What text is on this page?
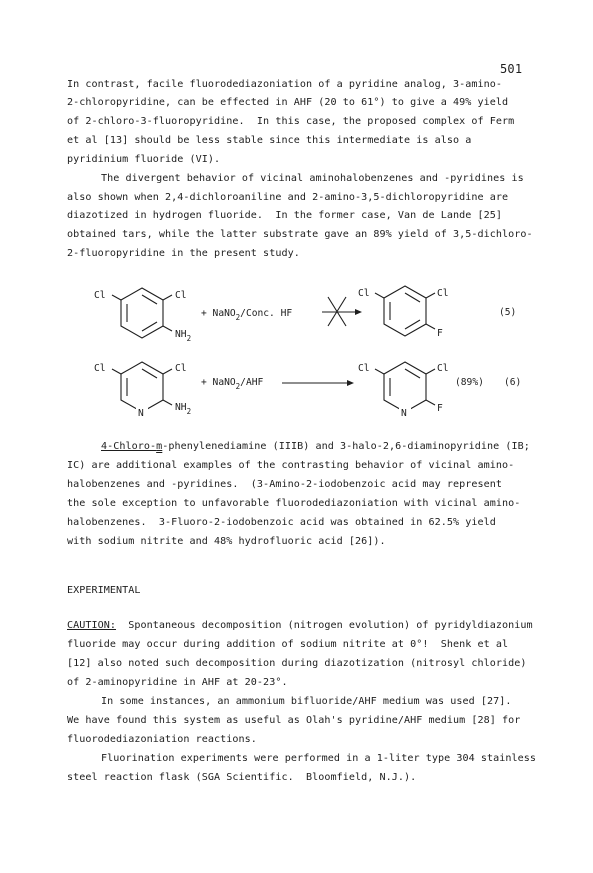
501
In contrast, facile fluorodediazoniation of a pyridine analog, 3-amino-
2-chloropyridine, can be effected in AHF (20 to 61°) to give a 49% yield
of 2-chloro-3-fluoropyridine.  In this case, the proposed complex of Ferm
et al [13] should be less stable since this intermediate is also a
pyridinium fluoride (VI).
The divergent behavior of vicinal aminohalobenzenes and -pyridines is
also shown when 2,4-dichloroaniline and 2-amino-3,5-dichloropyridine are
diazotized in hydrogen fluoride.  In the former case, Van de Lande [25]
obtained tars, while the latter substrate gave an 89% yield of 3,5-dichloro-
2-fluoropyridine in the present study.
Cl	Cl
$NH_2$
+ NaNO$_2$/Conc. HF
Cl	Cl
F
(5)
N
Cl	Cl
$NH_2$
+ NaNO$_2$/AHF
N
Cl	Cl
F
(89%) (6)
4-Chloro-m-phenylenediamine (IIIB) and 3-halo-2,6-diaminopyridine (IB;
IC) are additional examples of the contrasting behavior of vicinal amino-
halobenzenes and -pyridines.  (3-Amino-2-iodobenzoic acid may represent
the sole exception to unfavorable fluorodediazoniation with vicinal amino-
halobenzenes.  3-Fluoro-2-iodobenzoic acid was obtained in 62.5% yield
with sodium nitrite and 48% hydrofluoric acid [26]).
EXPERIMENTAL
CAUTION:  Spontaneous decomposition (nitrogen evolution) of pyridyldiazonium
fluoride may occur during addition of sodium nitrite at 0°!  Shenk et al
[12] also noted such decomposition during diazotization (nitrosyl chloride)
of 2-aminopyridine in AHF at 20-23°.
In some instances, an ammonium bifluoride/AHF medium was used [27].
We have found this system as useful as Olah's pyridine/AHF medium [28] for
fluorodediazoniation reactions.
Fluorination experiments were performed in a 1-liter type 304 stainless
steel reaction flask (SGA Scientific.  Bloomfield, N.J.).
